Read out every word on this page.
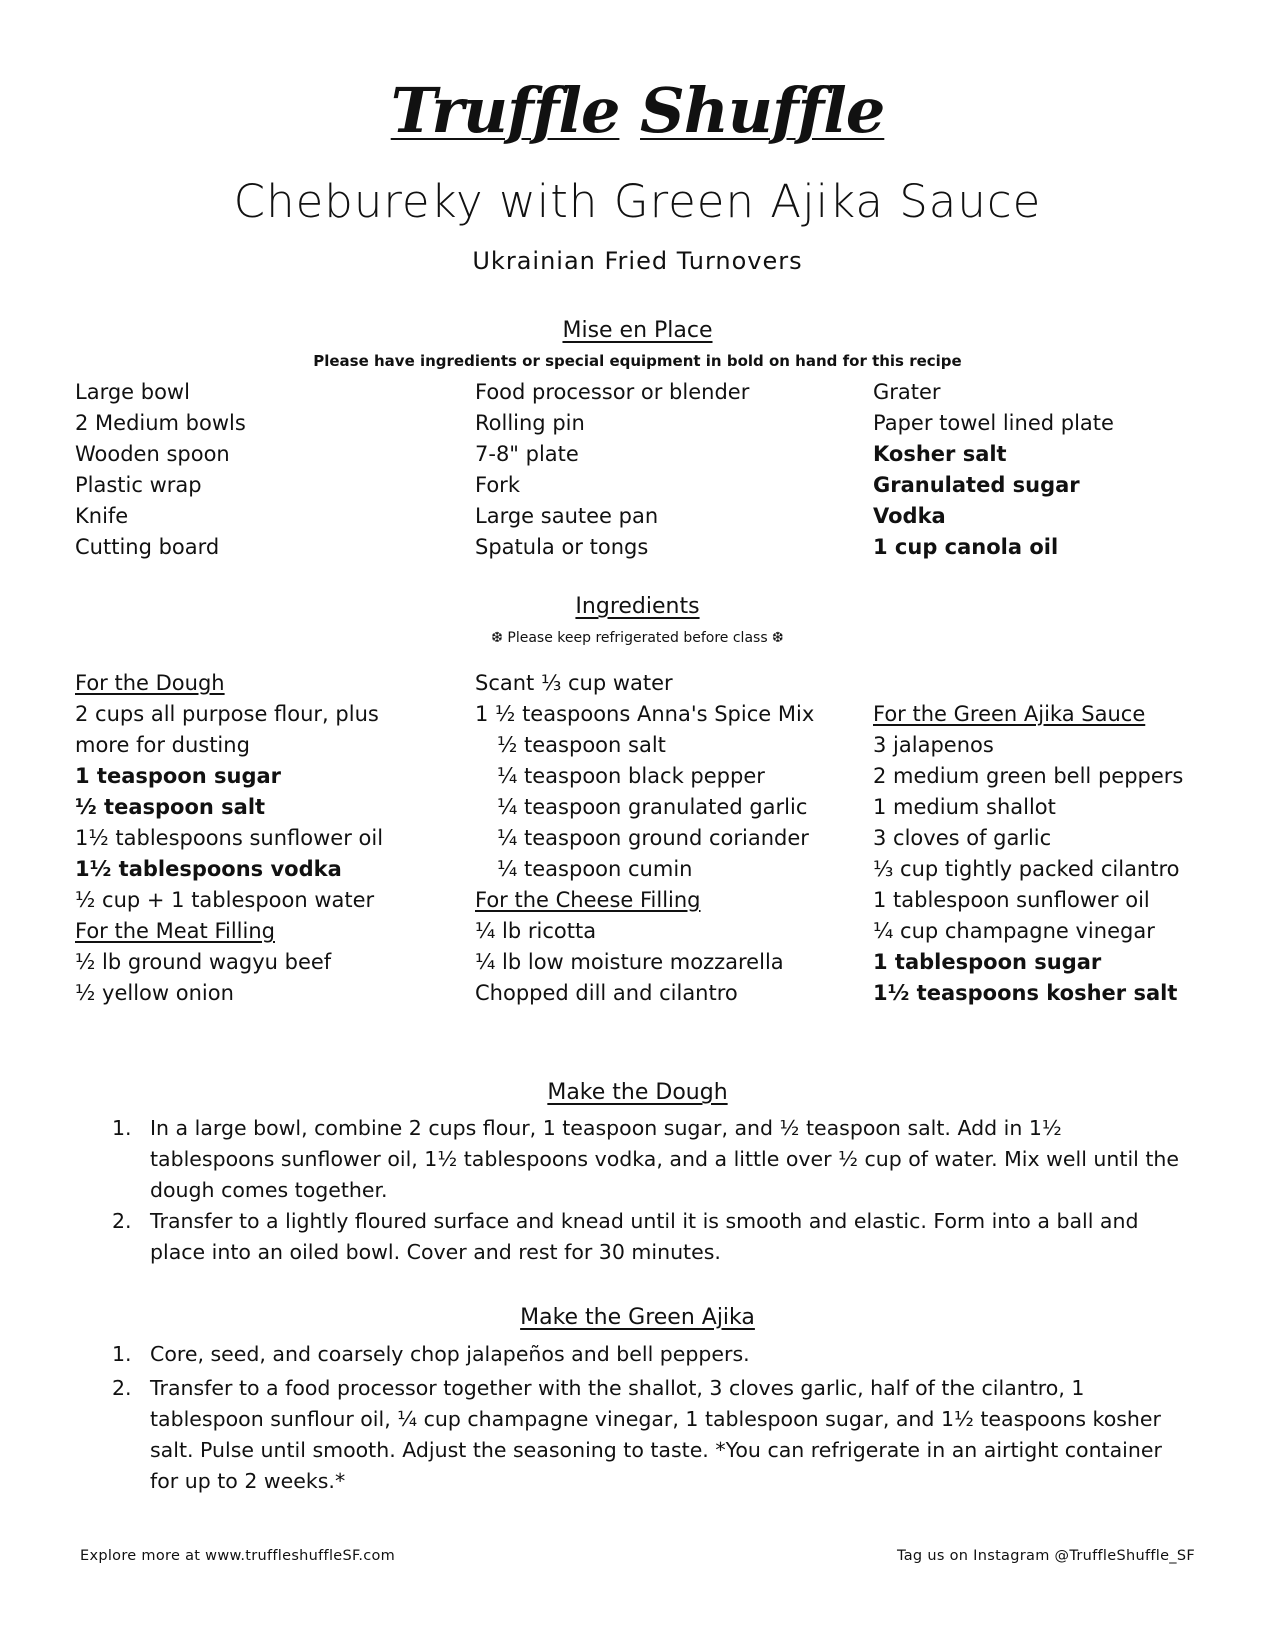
Truffle Shuffle
Chebureky with Green Ajika Sauce
Ukrainian Fried Turnovers
Mise en Place
Please have ingredients or special equipment in bold on hand for this recipe
Large bowl
2 Medium bowls
Wooden spoon
Plastic wrap
Knife
Cutting board
Food processor or blender
Rolling pin
7-8" plate
Fork
Large sautee pan
Spatula or tongs
Grater
Paper towel lined plate
Kosher salt
Granulated sugar
Vodka
1 cup canola oil
Ingredients
❆ Please keep refrigerated before class ❆
For the Dough
2 cups all purpose flour, plus
more for dusting
1 teaspoon sugar
½ teaspoon salt
1½ tablespoons sunflower oil
1½ tablespoons vodka
½ cup + 1 tablespoon water
For the Meat Filling
½ lb ground wagyu beef
½ yellow onion
Scant ⅓ cup water
1 ½ teaspoons Anna's Spice Mix
½ teaspoon salt
¼ teaspoon black pepper
¼ teaspoon granulated garlic
¼ teaspoon ground coriander
¼ teaspoon cumin
For the Cheese Filling
¼ lb ricotta
¼ lb low moisture mozzarella
Chopped dill and cilantro
For the Green Ajika Sauce
3 jalapenos
2 medium green bell peppers
1 medium shallot
3 cloves of garlic
⅓ cup tightly packed cilantro
1 tablespoon sunflower oil
¼ cup champagne vinegar
1 tablespoon sugar
1½ teaspoons kosher salt
Make the Dough
1. In a large bowl, combine 2 cups flour, 1 teaspoon sugar, and ½ teaspoon salt. Add in 1½ tablespoons sunflower oil, 1½ tablespoons vodka, and a little over ½ cup of water. Mix well until the dough comes together.
2. Transfer to a lightly floured surface and knead until it is smooth and elastic. Form into a ball and place into an oiled bowl. Cover and rest for 30 minutes.
Make the Green Ajika
1. Core, seed, and coarsely chop jalapeños and bell peppers.
2. Transfer to a food processor together with the shallot, 3 cloves garlic, half of the cilantro, 1 tablespoon sunflour oil, ¼ cup champagne vinegar, 1 tablespoon sugar, and 1½ teaspoons kosher salt. Pulse until smooth. Adjust the seasoning to taste. *You can refrigerate in an airtight container for up to 2 weeks.*
Explore more at www.truffleshuffleSF.com	Tag us on Instagram @TruffleShuffle_SF
